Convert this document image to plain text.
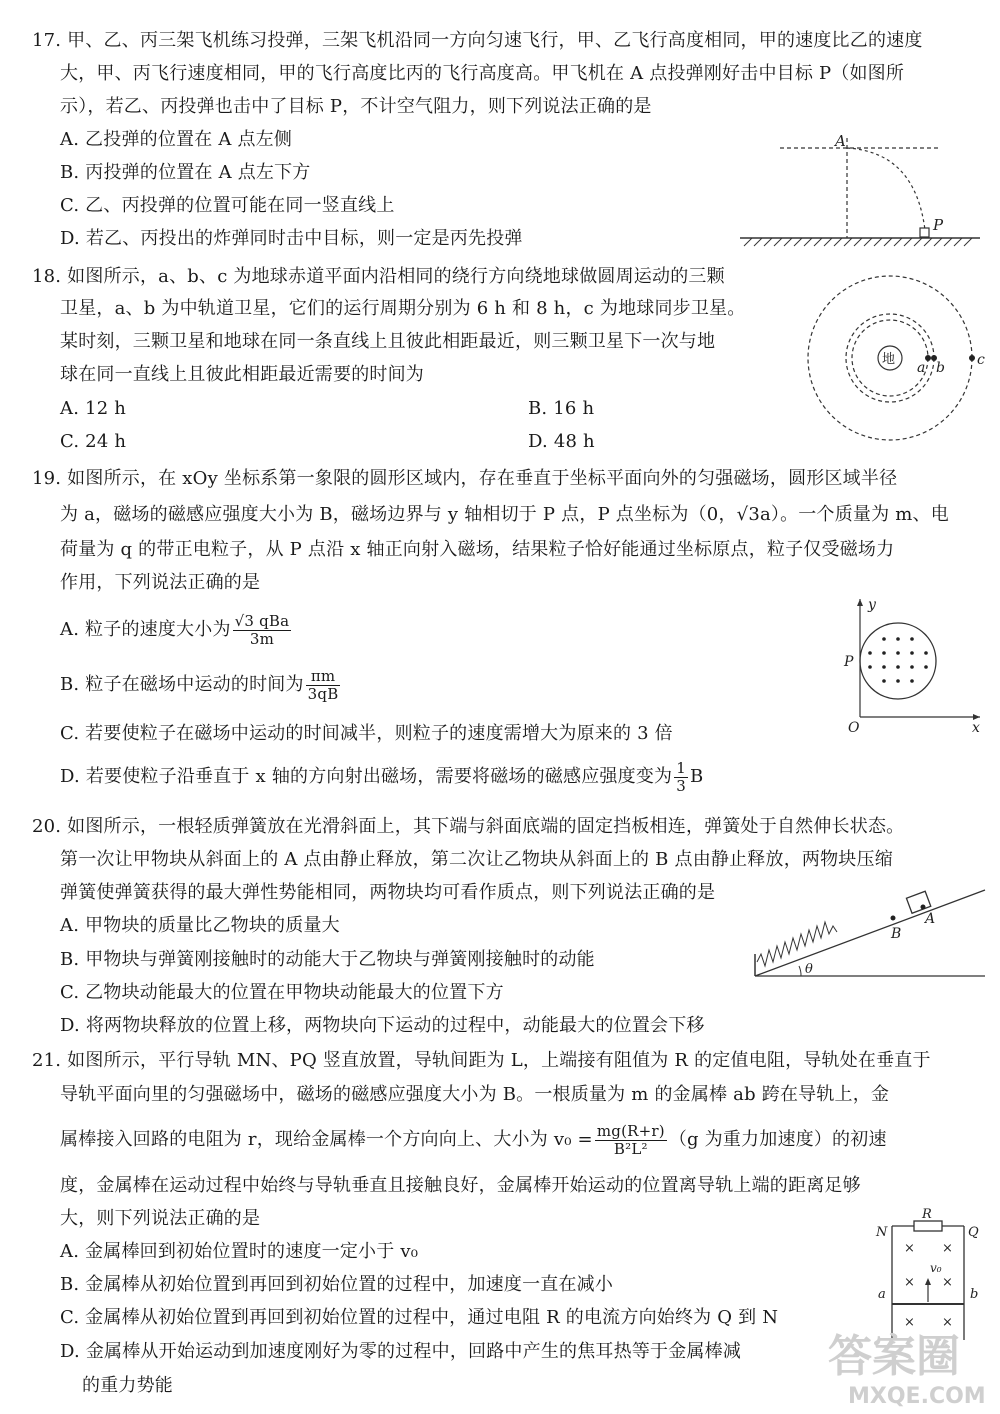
17. 甲、乙、丙三架飞机练习投弹，三架飞机沿同一方向匀速飞行，甲、乙飞行高度相同，甲的速度比乙的速度
大，甲、丙飞行速度相同，甲的飞行高度比丙的飞行高度高。甲飞机在 A 点投弹刚好击中目标 P（如图所
示），若乙、丙投弹也击中了目标 P，不计空气阻力，则下列说法正确的是
A. 乙投弹的位置在 A 点左侧
B. 丙投弹的位置在 A 点左下方
C. 乙、丙投弹的位置可能在同一竖直线上
D. 若乙、丙投出的炸弹同时击中目标，则一定是丙先投弹
A
P
18. 如图所示，a、b、c 为地球赤道平面内沿相同的绕行方向绕地球做圆周运动的三颗
卫星，a、b 为中轨道卫星，它们的运行周期分别为 6 h 和 8 h，c 为地球同步卫星。
某时刻，三颗卫星和地球在同一条直线上且彼此相距最近，则三颗卫星下一次与地
球在同一直线上且彼此相距最近需要的时间为
A. 12 h	B. 16 h
C. 24 h	D. 48 h
地
a b c
19. 如图所示，在 xOy 坐标系第一象限的圆形区域内，存在垂直于坐标平面向外的匀强磁场，圆形区域半径
为 a，磁场的磁感应强度大小为 B，磁场边界与 y 轴相切于 P 点，P 点坐标为（0，√3a）。一个质量为 m、电
荷量为 q 的带正电粒子，从 P 点沿 x 轴正向射入磁场，结果粒子恰好能通过坐标原点，粒子仅受磁场力
作用，下列说法正确的是
A. 粒子的速度大小为 $\frac{\text{√3 qBa}}{3m}$
B. 粒子在磁场中运动的时间为 $\frac{\pi m}{3qB}$
C. 若要使粒子在磁场中运动的时间减半，则粒子的速度需增大为原来的 3 倍
D. 若要使粒子沿垂直于 x 轴的方向射出磁场，需要将磁场的磁感应强度变为 $\frac{1}{3}$ B
y
x
O
P
20. 如图所示，一根轻质弹簧放在光滑斜面上，其下端与斜面底端的固定挡板相连，弹簧处于自然伸长状态。
第一次让甲物块从斜面上的 A 点由静止释放，第二次让乙物块从斜面上的 B 点由静止释放，两物块压缩
弹簧使弹簧获得的最大弹性势能相同，两物块均可看作质点，则下列说法正确的是
A. 甲物块的质量比乙物块的质量大
B. 甲物块与弹簧刚接触时的动能大于乙物块与弹簧刚接触时的动能
C. 乙物块动能最大的位置在甲物块动能最大的位置下方
D. 将两物块释放的位置上移，两物块向下运动的过程中，动能最大的位置会下移
θ
A
B
21. 如图所示，平行导轨 MN、PQ 竖直放置，导轨间距为 L，上端接有阻值为 R 的定值电阻，导轨处在垂直于
导轨平面向里的匀强磁场中，磁场的磁感应强度大小为 B。一根质量为 m 的金属棒 ab 跨在导轨上，金
属棒接入回路的电阻为 r，现给金属棒一个方向向上、大小为 $v_0 = \frac{mg(R+r)}{\text{B²L²}} (g$ 为重力加速度）的初速
度，金属棒在运动过程中始终与导轨垂直且接触良好，金属棒开始运动的位置离导轨上端的距离足够
大，则下列说法正确的是
A. 金属棒回到初始位置时的速度一定小于 v₀
B. 金属棒从初始位置到再回到初始位置的过程中，加速度一直在减小
C. 金属棒从初始位置到再回到初始位置的过程中，通过电阻 R 的电流方向始终为 Q 到 N
D. 金属棒从开始运动到加速度刚好为零的过程中，回路中产生的焦耳热等于金属棒减
的重力势能
× ×
× ×
× ×
R
N	Q
a	b
v₀
答案圈
MXQE.COM
